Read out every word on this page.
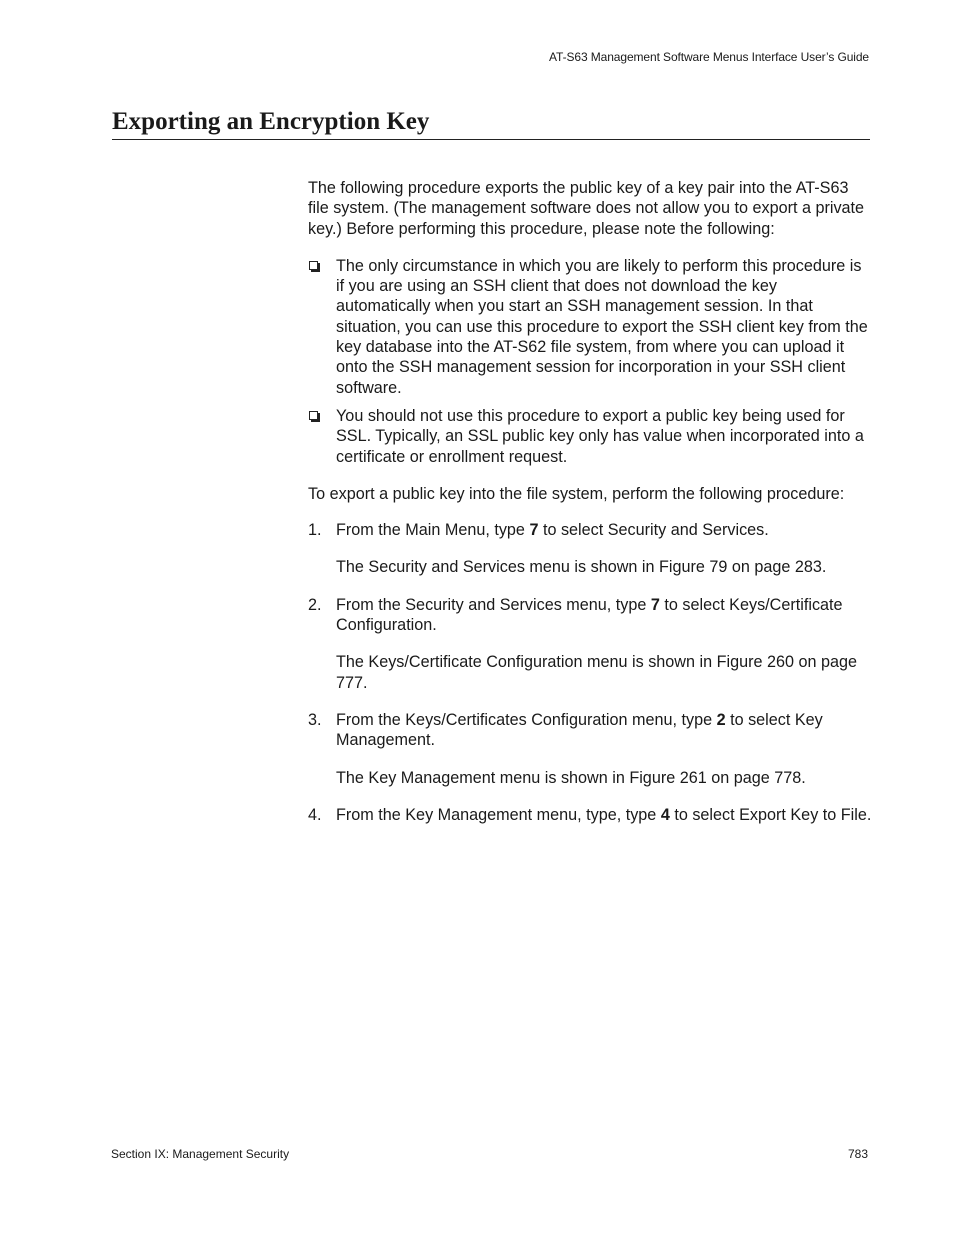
AT-S63 Management Software Menus Interface User’s Guide
Exporting an Encryption Key

The following procedure exports the public key of a key pair into the AT-S63 file system. (The management software does not allow you to export a private key.) Before performing this procedure, please note the following:

The only circumstance in which you are likely to perform this procedure is if you are using an SSH client that does not download the key automatically when you start an SSH management session. In that situation, you can use this procedure to export the SSH client key from the key database into the AT-S62 file system, from where you can upload it onto the SSH management session for incorporation in your SSH client software.
You should not use this procedure to export a public key being used for SSL. Typically, an SSL public key only has value when incorporated into a certificate or enrollment request.

To export a public key into the file system, perform the following procedure:

1. From the Main Menu, type 7 to select Security and Services.

The Security and Services menu is shown in Figure 79 on page 283.

2. From the Security and Services menu, type 7 to select Keys/Certificate Configuration.

The Keys/Certificate Configuration menu is shown in Figure 260 on page 777.

3. From the Keys/Certificates Configuration menu, type 2 to select Key Management.

The Key Management menu is shown in Figure 261 on page 778.

4. From the Key Management menu, type, type 4 to select Export Key to File.

Section IX: Management Security	783
